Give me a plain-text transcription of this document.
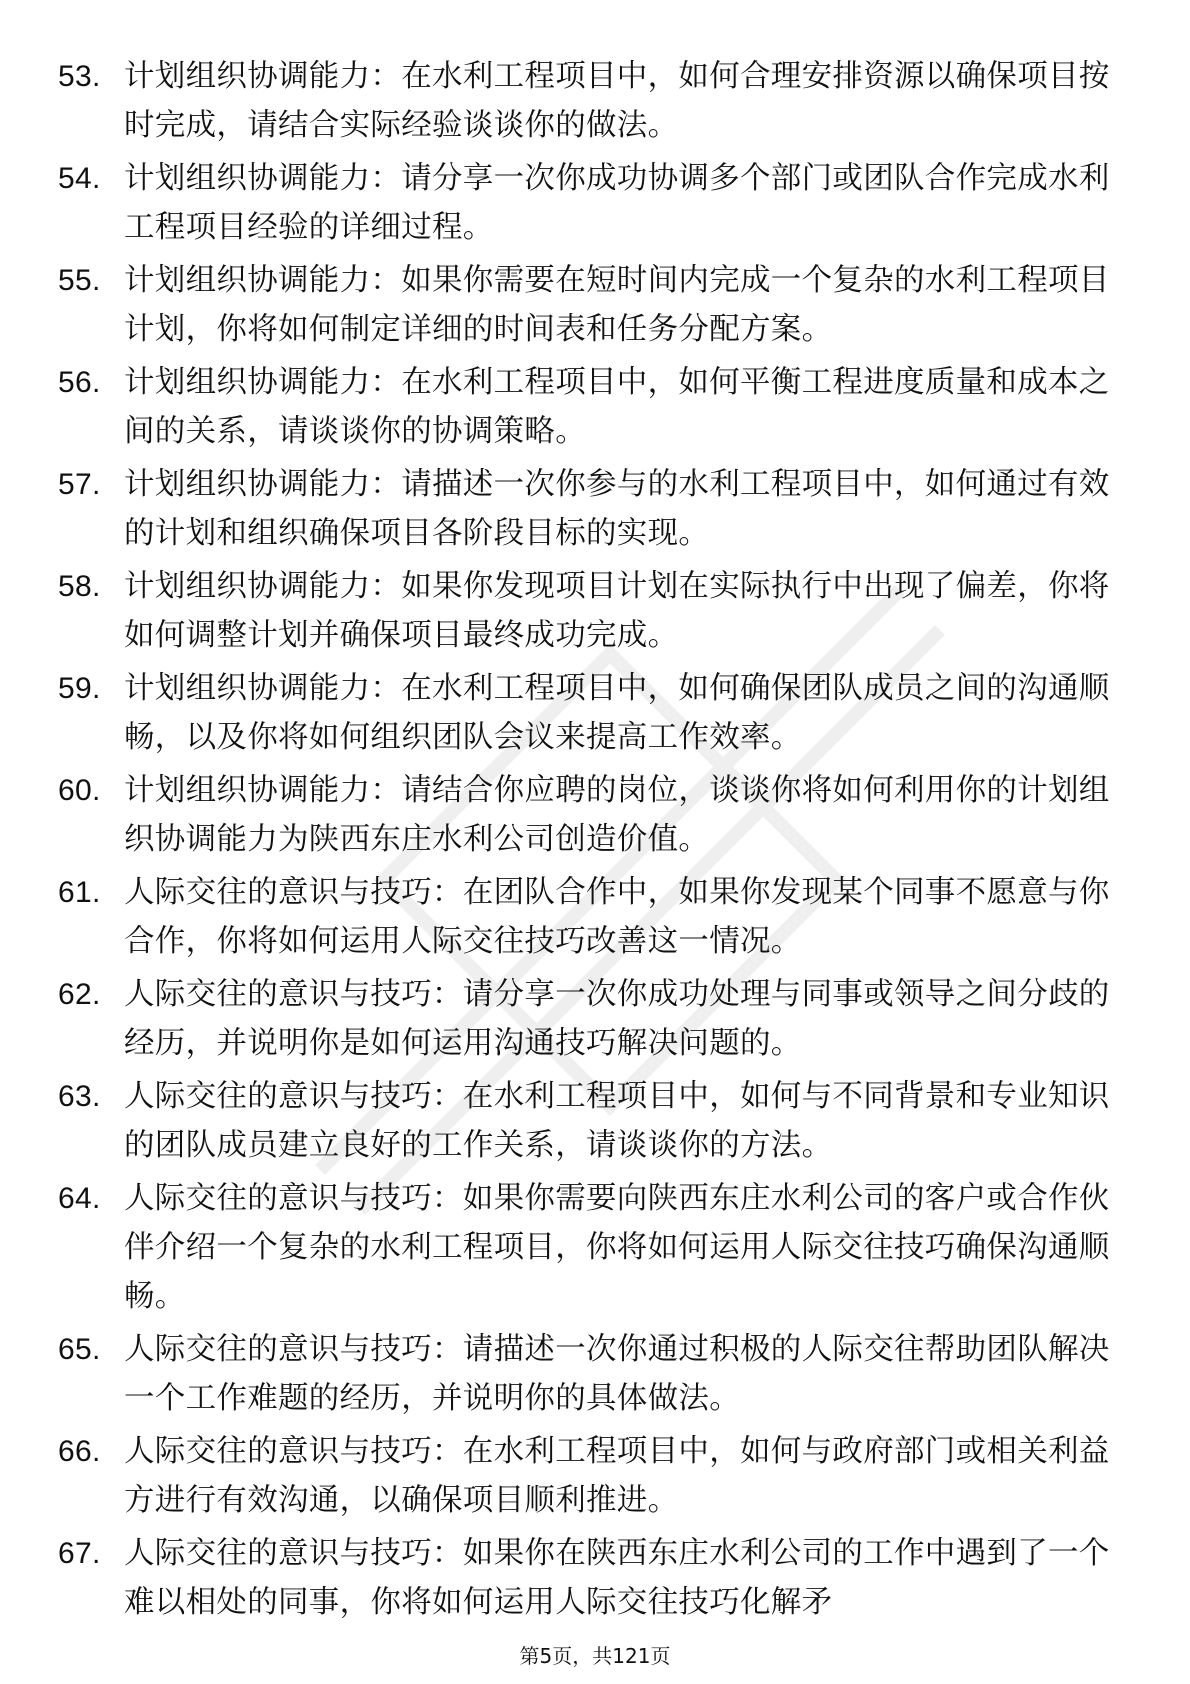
53. 计划组织协调能力：在水利工程项目中，如何合理安排资源以确保项目按时完成，请结合实际经验谈谈你的做法。
54. 计划组织协调能力：请分享一次你成功协调多个部门或团队合作完成水利工程项目经验的详细过程。
55. 计划组织协调能力：如果你需要在短时间内完成一个复杂的水利工程项目计划，你将如何制定详细的时间表和任务分配方案。
56. 计划组织协调能力：在水利工程项目中，如何平衡工程进度质量和成本之间的关系，请谈谈你的协调策略。
57. 计划组织协调能力：请描述一次你参与的水利工程项目中，如何通过有效的计划和组织确保项目各阶段目标的实现。
58. 计划组织协调能力：如果你发现项目计划在实际执行中出现了偏差，你将如何调整计划并确保项目最终成功完成。
59. 计划组织协调能力：在水利工程项目中，如何确保团队成员之间的沟通顺畅，以及你将如何组织团队会议来提高工作效率。
60. 计划组织协调能力：请结合你应聘的岗位，谈谈你将如何利用你的计划组织协调能力为陕西东庄水利公司创造价值。
61. 人际交往的意识与技巧：在团队合作中，如果你发现某个同事不愿意与你合作，你将如何运用人际交往技巧改善这一情况。
62. 人际交往的意识与技巧：请分享一次你成功处理与同事或领导之间分歧的经历，并说明你是如何运用沟通技巧解决问题的。
63. 人际交往的意识与技巧：在水利工程项目中，如何与不同背景和专业知识的团队成员建立良好的工作关系，请谈谈你的方法。
64. 人际交往的意识与技巧：如果你需要向陕西东庄水利公司的客户或合作伙伴介绍一个复杂的水利工程项目，你将如何运用人际交往技巧确保沟通顺畅。
65. 人际交往的意识与技巧：请描述一次你通过积极的人际交往帮助团队解决一个工作难题的经历，并说明你的具体做法。
66. 人际交往的意识与技巧：在水利工程项目中，如何与政府部门或相关利益方进行有效沟通，以确保项目顺利推进。
67. 人际交往的意识与技巧：如果你在陕西东庄水利公司的工作中遇到了一个难以相处的同事，你将如何运用人际交往技巧化解矛
第5页，共121页
